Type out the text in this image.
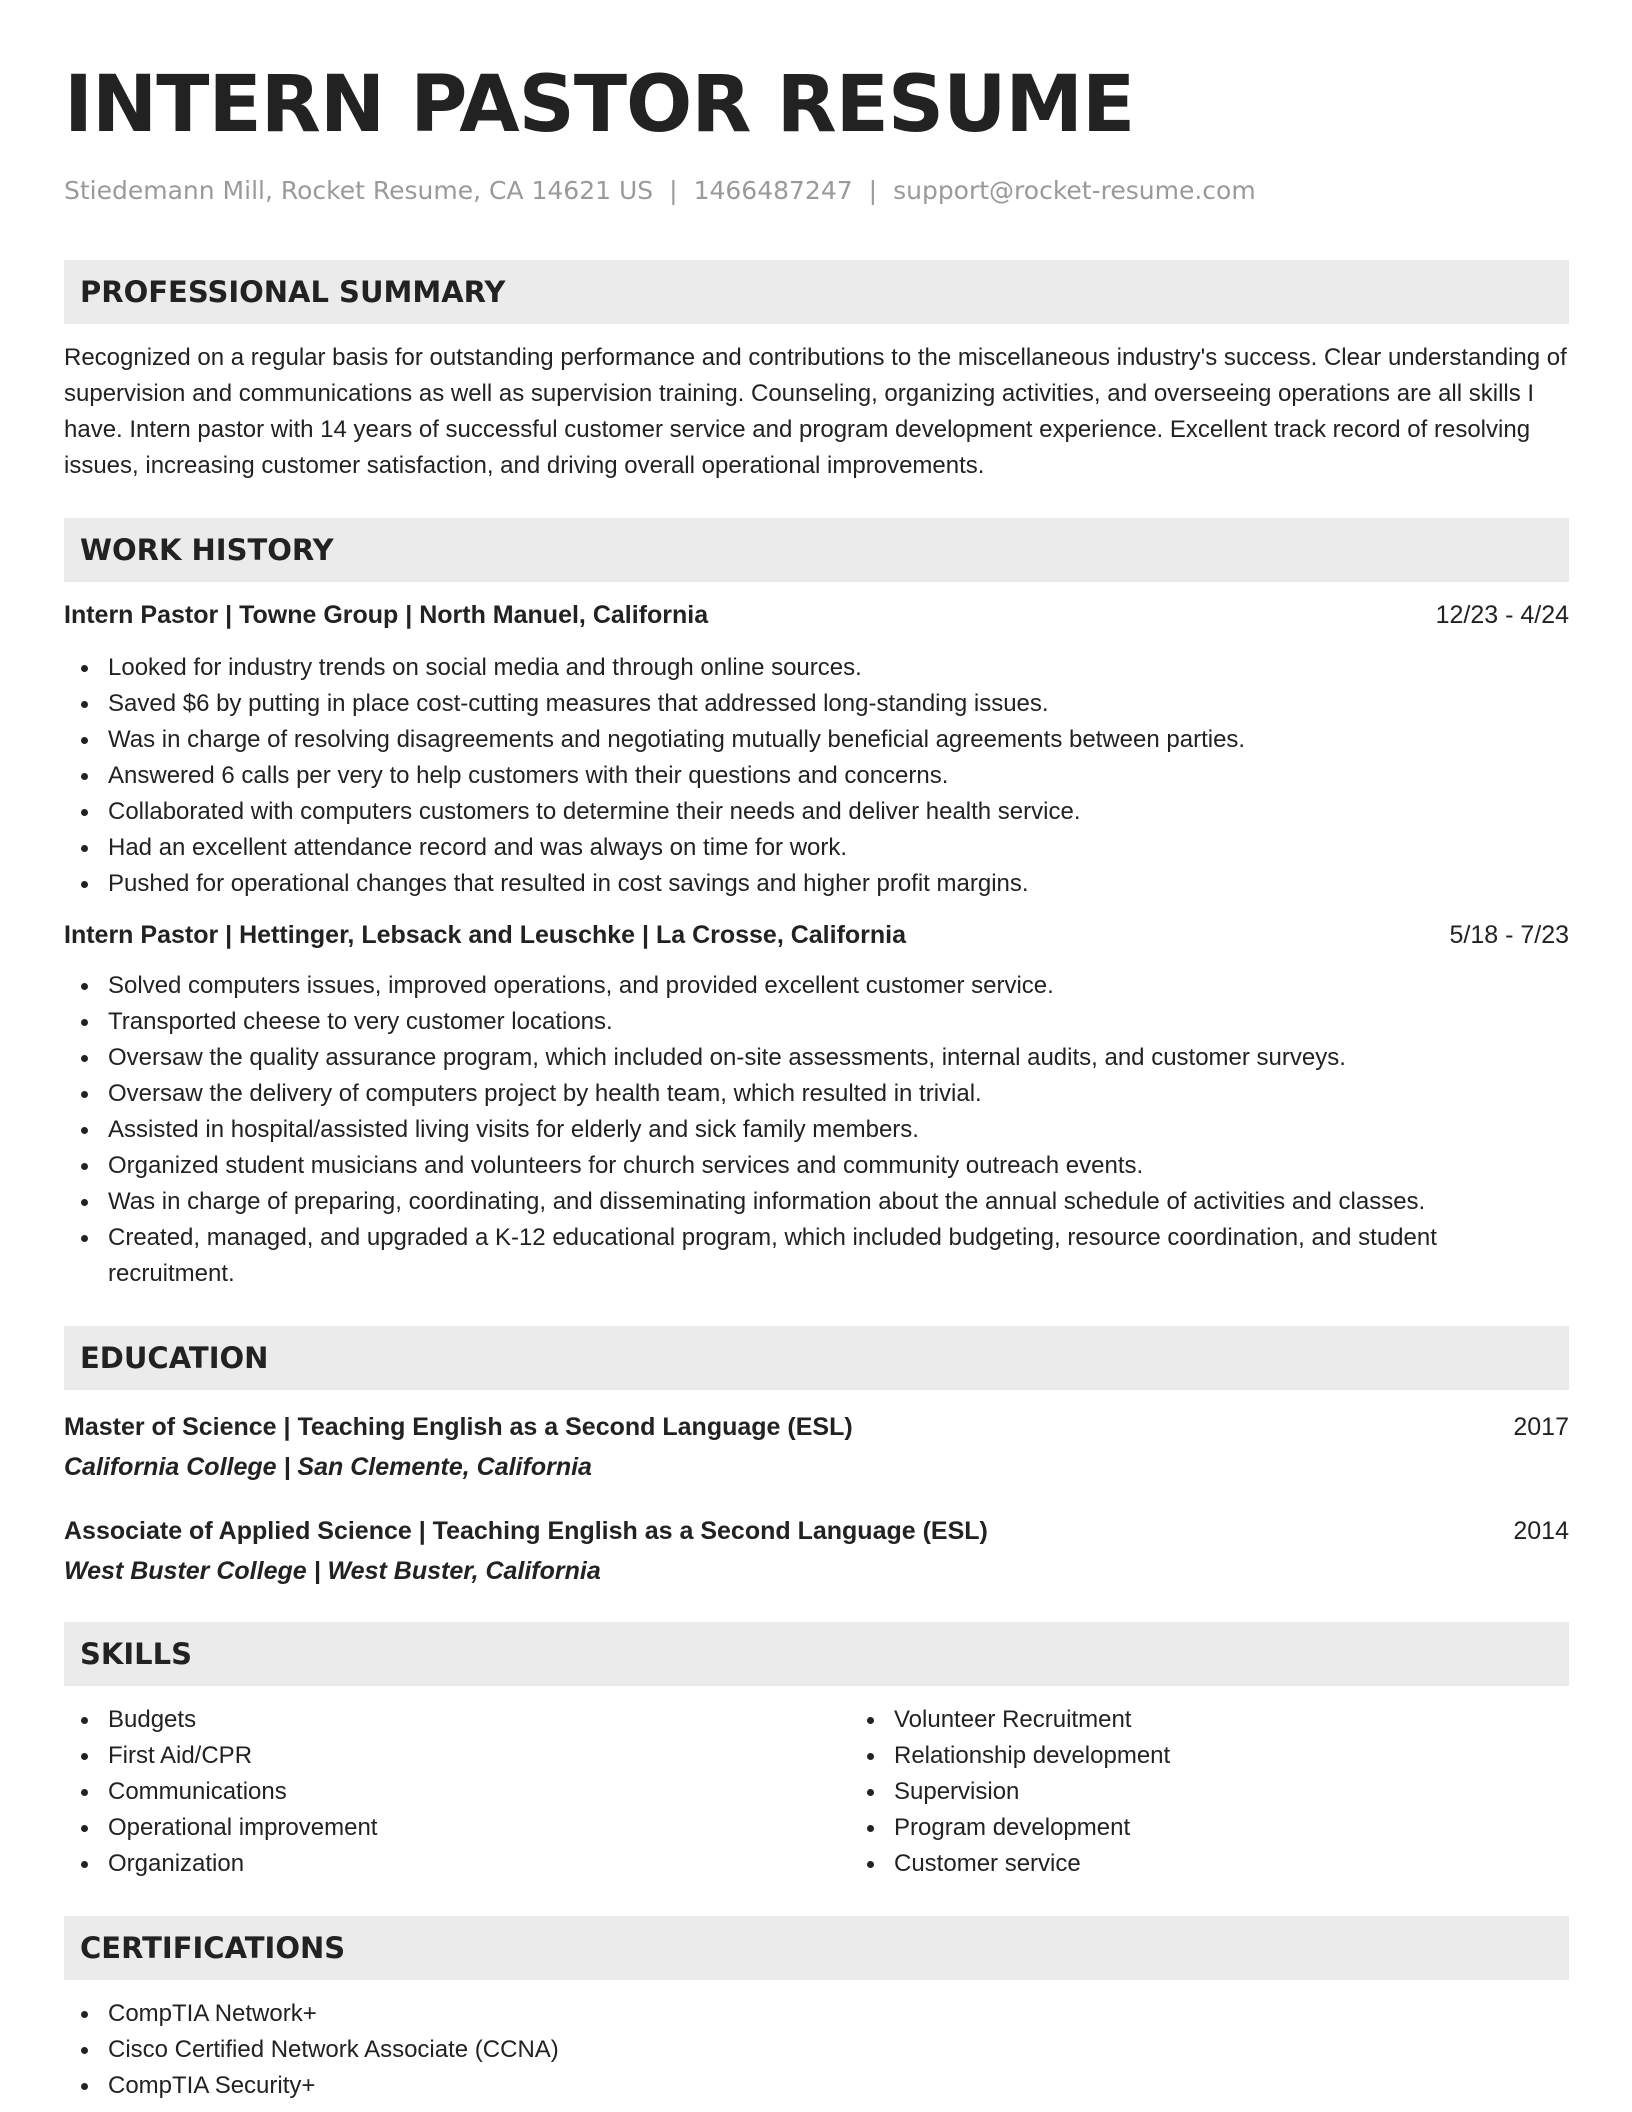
INTERN PASTOR RESUME
Stiedemann Mill, Rocket Resume, CA 14621 US | 1466487247 | support@rocket-resume.com
PROFESSIONAL SUMMARY
Recognized on a regular basis for outstanding performance and contributions to the miscellaneous industry's success. Clear understanding of supervision and communications as well as supervision training. Counseling, organizing activities, and overseeing operations are all skills I have. Intern pastor with 14 years of successful customer service and program development experience. Excellent track record of resolving issues, increasing customer satisfaction, and driving overall operational improvements.
WORK HISTORY
Intern Pastor | Towne Group | North Manuel, California	12/23 - 4/24
Looked for industry trends on social media and through online sources.
Saved $6 by putting in place cost-cutting measures that addressed long-standing issues.
Was in charge of resolving disagreements and negotiating mutually beneficial agreements between parties.
Answered 6 calls per very to help customers with their questions and concerns.
Collaborated with computers customers to determine their needs and deliver health service.
Had an excellent attendance record and was always on time for work.
Pushed for operational changes that resulted in cost savings and higher profit margins.
Intern Pastor | Hettinger, Lebsack and Leuschke | La Crosse, California	5/18 - 7/23
Solved computers issues, improved operations, and provided excellent customer service.
Transported cheese to very customer locations.
Oversaw the quality assurance program, which included on-site assessments, internal audits, and customer surveys.
Oversaw the delivery of computers project by health team, which resulted in trivial.
Assisted in hospital/assisted living visits for elderly and sick family members.
Organized student musicians and volunteers for church services and community outreach events.
Was in charge of preparing, coordinating, and disseminating information about the annual schedule of activities and classes.
Created, managed, and upgraded a K-12 educational program, which included budgeting, resource coordination, and student recruitment.
EDUCATION
Master of Science | Teaching English as a Second Language (ESL)	2017
California College | San Clemente, California
Associate of Applied Science | Teaching English as a Second Language (ESL)	2014
West Buster College | West Buster, California
SKILLS
Budgets
First Aid/CPR
Communications
Operational improvement
Organization
Volunteer Recruitment
Relationship development
Supervision
Program development
Customer service
CERTIFICATIONS
CompTIA Network+
Cisco Certified Network Associate (CCNA)
CompTIA Security+
